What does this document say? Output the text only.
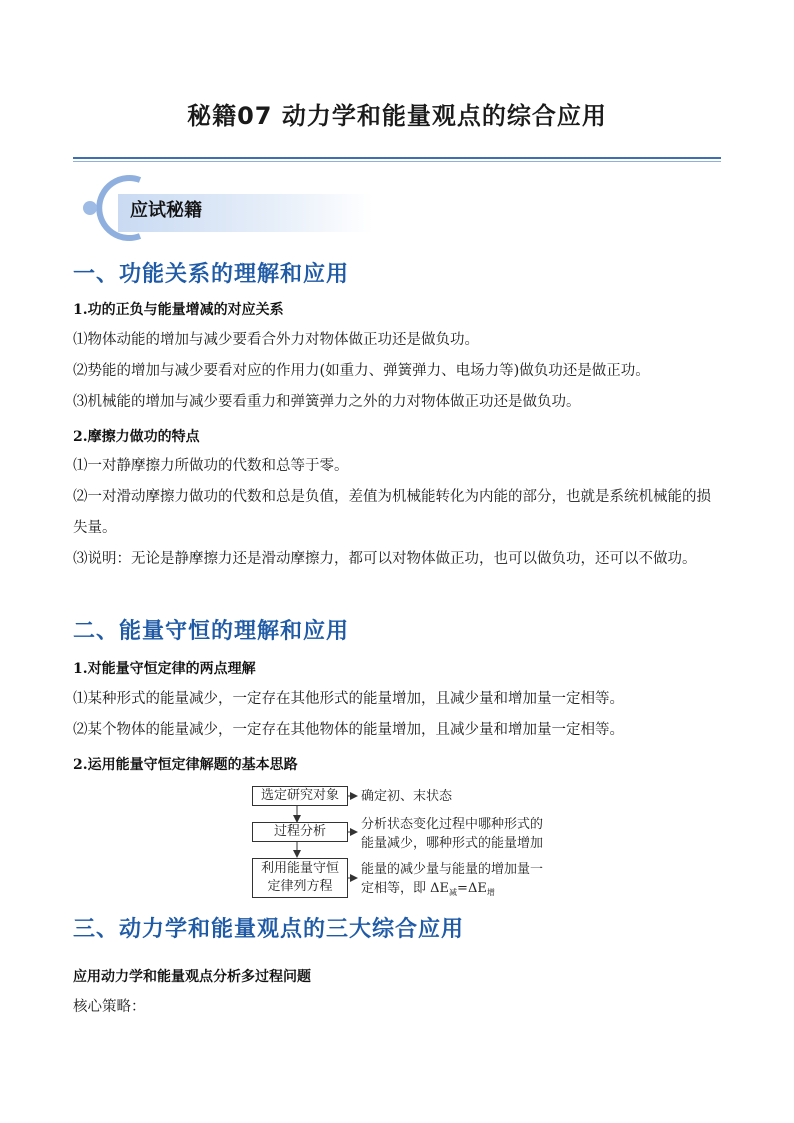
秘籍07 动力学和能量观点的综合应用
应试秘籍
一、功能关系的理解和应用
1.功的正负与能量增减的对应关系
⑴物体动能的增加与减少要看合外力对物体做正功还是做负功。
⑵势能的增加与减少要看对应的作用力(如重力、弹簧弹力、电场力等)做负功还是做正功。
⑶机械能的增加与减少要看重力和弹簧弹力之外的力对物体做正功还是做负功。
2.摩擦力做功的特点
⑴一对静摩擦力所做功的代数和总等于零。
⑵一对滑动摩擦力做功的代数和总是负值，差值为机械能转化为内能的部分，也就是系统机械能的损失量。
⑶说明：无论是静摩擦力还是滑动摩擦力，都可以对物体做正功，也可以做负功，还可以不做功。
二、能量守恒的理解和应用
1.对能量守恒定律的两点理解
⑴某种形式的能量减少，一定存在其他形式的能量增加，且减少量和增加量一定相等。
⑵某个物体的能量减少，一定存在其他物体的能量增加，且减少量和增加量一定相等。
2.运用能量守恒定律解题的基本思路
选定研究对象
过程分析
利用能量守恒
定律列方程
确定初、末状态
分析状态变化过程中哪种形式的
能量减少，哪种形式的能量增加
能量的减少量与能量的增加量一
定相等，即 $\Delta E_减=\Delta E_增$
三、动力学和能量观点的三大综合应用
应用动力学和能量观点分析多过程问题
核心策略：
